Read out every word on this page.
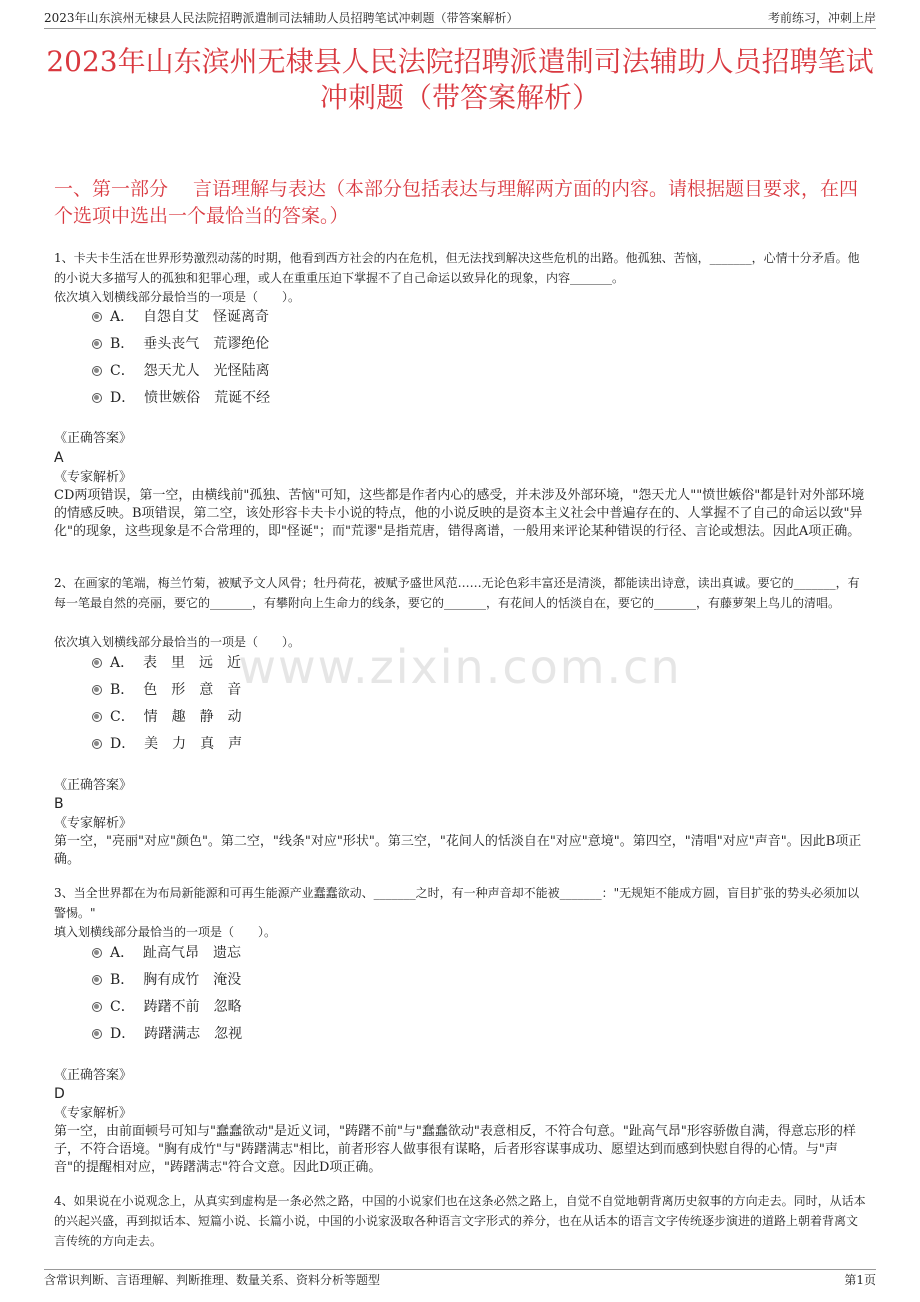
2023年山东滨州无棣县人民法院招聘派遣制司法辅助人员招聘笔试冲刺题（带答案解析）	考前练习，冲刺上岸
2023年山东滨州无棣县人民法院招聘派遣制司法辅助人员招聘笔试冲刺题（带答案解析）
一、第一部分　 言语理解与表达（本部分包括表达与理解两方面的内容。请根据题目要求，在四个选项中选出一个最恰当的答案。）
www.zixin.com.cn
1、卡夫卡生活在世界形势激烈动荡的时期，他看到西方社会的内在危机，但无法找到解决这些危机的出路。他孤独、苦恼，_______，心情十分矛盾。他的小说大多描写人的孤独和犯罪心理，或人在重重压迫下掌握不了自己命运以致异化的现象，内容_______。
依次填入划横线部分最恰当的一项是（　　）。
A．  自怨自艾　怪诞离奇
B．  垂头丧气　荒谬绝伦
C．  怨天尤人　光怪陆离
D．  愤世嫉俗　荒诞不经
《正确答案》
A
《专家解析》
CD两项错误，第一空，由横线前"孤独、苦恼"可知，这些都是作者内心的感受，并未涉及外部环境，"怨天尤人""愤世嫉俗"都是针对外部环境的情感反映。B项错误，第二空，该处形容卡夫卡小说的特点，他的小说反映的是资本主义社会中普遍存在的、人掌握不了自己的命运以致"异化"的现象，这些现象是不合常理的，即"怪诞"；而"荒谬"是指荒唐，错得离谱，一般用来评论某种错误的行径、言论或想法。因此A项正确。
2、在画家的笔端，梅兰竹菊，被赋予文人风骨；牡丹荷花，被赋予盛世风范……无论色彩丰富还是清淡，都能读出诗意，读出真诚。要它的_______，有每一笔最自然的亮丽，要它的_______，有攀附向上生命力的线条，要它的_______，有花间人的恬淡自在，要它的_______，有藤萝架上鸟儿的清唱。
依次填入划横线部分最恰当的一项是（　　）。
A．  表　里　远　近
B．  色　形　意　音
C．  情　趣　静　动
D．  美　力　真　声
《正确答案》
B
《专家解析》
第一空，"亮丽"对应"颜色"。第二空，"线条"对应"形状"。第三空，"花间人的恬淡自在"对应"意境"。第四空，"清唱"对应"声音"。因此B项正确。
3、当全世界都在为布局新能源和可再生能源产业蠢蠢欲动、_______之时，有一种声音却不能被_______："无规矩不能成方圆，盲目扩张的势头必须加以警惕。"
填入划横线部分最恰当的一项是（　　）。
A．  趾高气昂　遗忘
B．  胸有成竹　淹没
C．  踌躇不前　忽略
D．  踌躇满志　忽视
《正确答案》
D
《专家解析》
第一空，由前面顿号可知与"蠢蠢欲动"是近义词，"踌躇不前"与"蠢蠢欲动"表意相反，不符合句意。"趾高气昂"形容骄傲自满，得意忘形的样子，不符合语境。"胸有成竹"与"踌躇满志"相比，前者形容人做事很有谋略，后者形容谋事成功、愿望达到而感到快慰自得的心情。与"声音"的提醒相对应，"踌躇满志"符合文意。因此D项正确。
4、如果说在小说观念上，从真实到虚构是一条必然之路，中国的小说家们也在这条必然之路上，自觉不自觉地朝背离历史叙事的方向走去。同时，从话本的兴起兴盛，再到拟话本、短篇小说、长篇小说，中国的小说家汲取各种语言文字形式的养分，也在从话本的语言文字传统逐步演进的道路上朝着背离文言传统的方向走去。
含常识判断、言语理解、判断推理、数量关系、资料分析等题型	第1页
